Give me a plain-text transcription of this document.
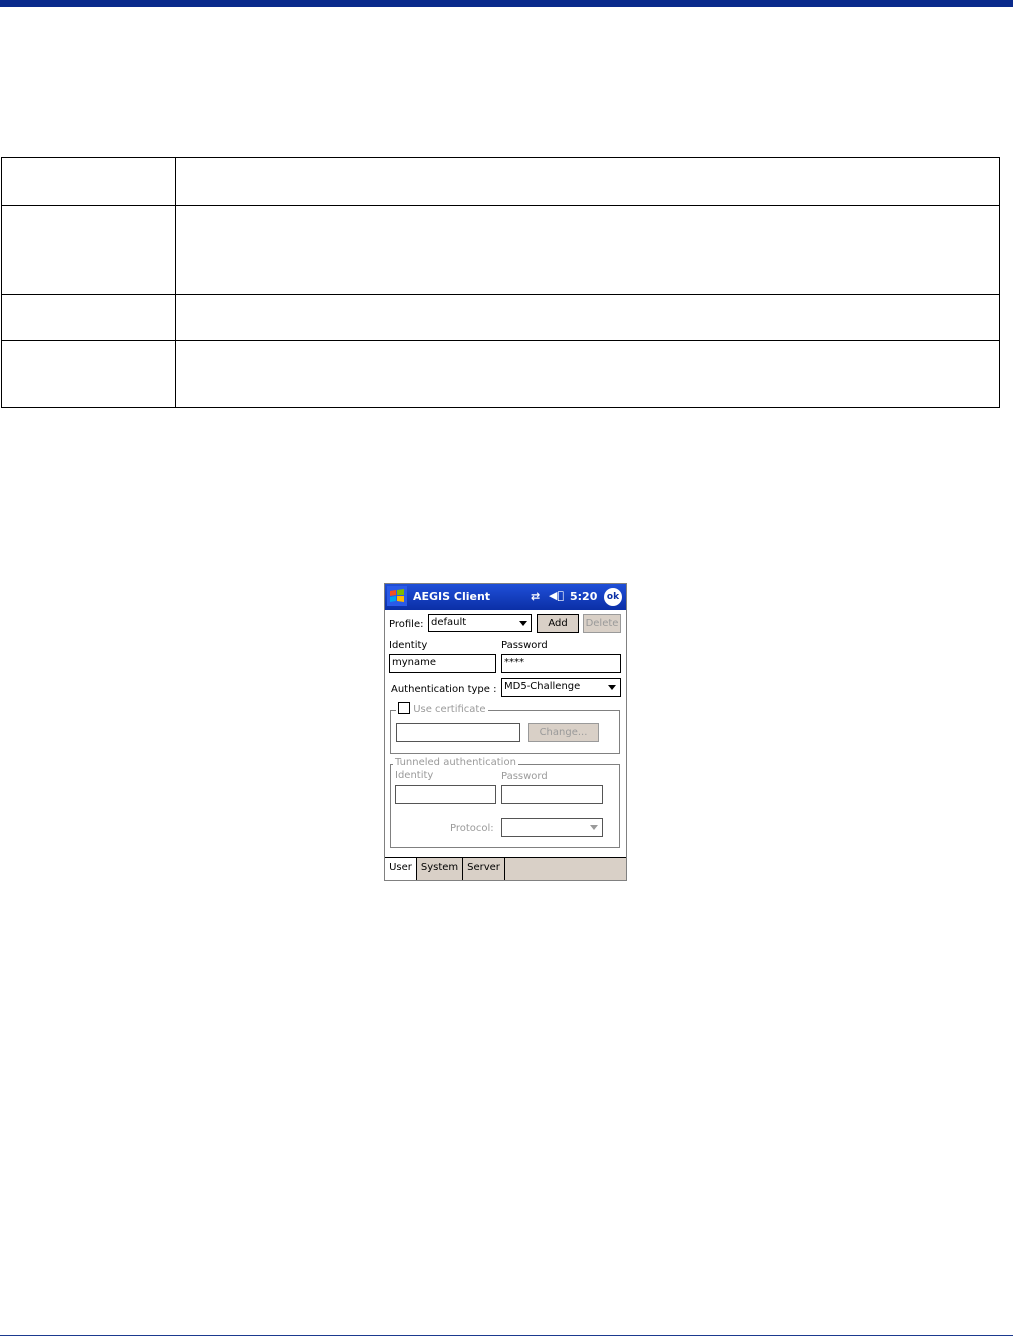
AEGIS Client	⇄ ◀ﾞ 5:20	ok
Profile: default	Add	Delete
Identity	Password
myname	****
Authentication type : MD5-Challenge
Use certificate
Change...
Tunneled authentication
Identity	Password
Protocol:
User System Server
